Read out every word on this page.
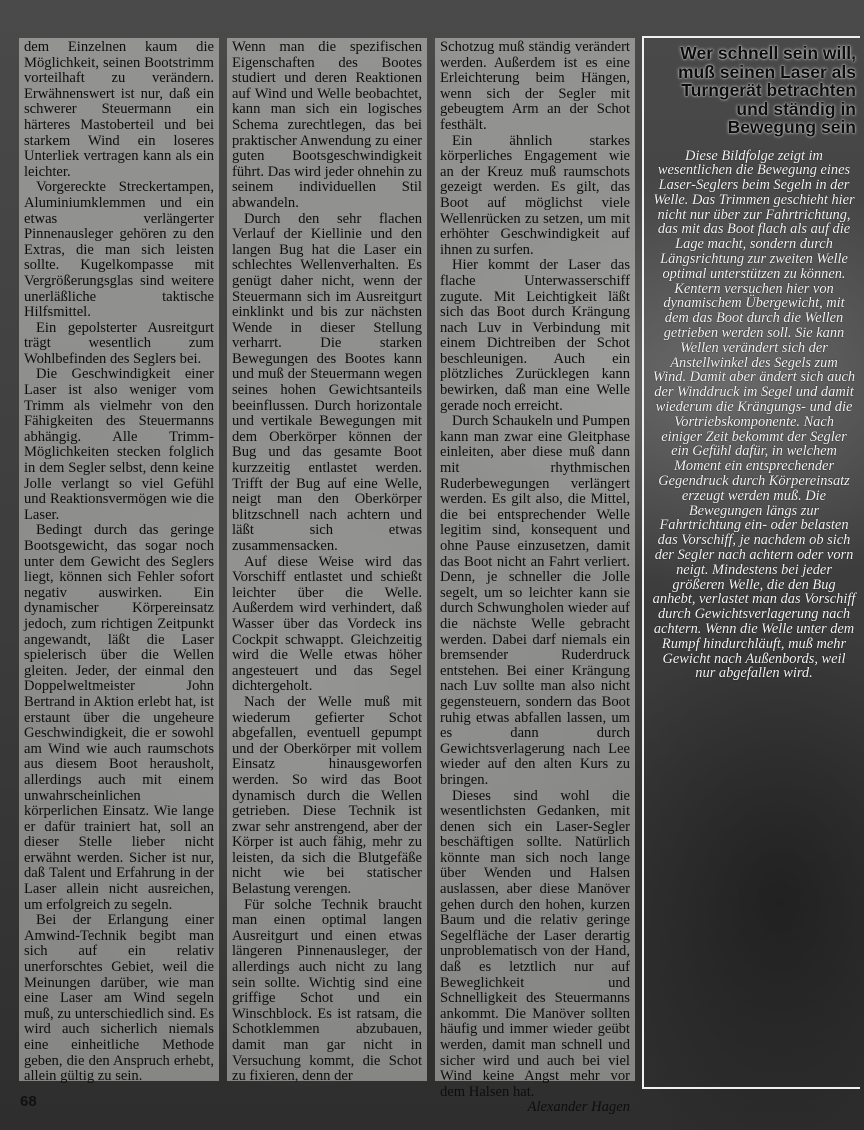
dem Einzelnen kaum die Möglichkeit, seinen Bootstrimm vorteilhaft zu verändern. Erwähnenswert ist nur, daß ein schwerer Steuermann ein härteres Mastoberteil und bei starkem Wind ein loseres Unterliek vertragen kann als ein leichter.

Vorgereckte Streckertampen, Aluminiumklemmen und ein etwas verlängerter Pinnenausleger gehören zu den Extras, die man sich leisten sollte. Kugelkompasse mit Vergrößerungsglas sind weitere unerläßliche taktische Hilfsmittel.

Ein gepolsterter Ausreitgurt trägt wesentlich zum Wohlbefinden des Seglers bei.

Die Geschwindigkeit einer Laser ist also weniger vom Trimm als vielmehr von den Fähigkeiten des Steuermanns abhängig. Alle Trimm-Möglichkeiten stecken folglich in dem Segler selbst, denn keine Jolle verlangt so viel Gefühl und Reaktionsvermögen wie die Laser.

Bedingt durch das geringe Bootsgewicht, das sogar noch unter dem Gewicht des Seglers liegt, können sich Fehler sofort negativ auswirken. Ein dynamischer Körpereinsatz jedoch, zum richtigen Zeitpunkt angewandt, läßt die Laser spielerisch über die Wellen gleiten. Jeder, der einmal den Doppelweltmeister John Bertrand in Aktion erlebt hat, ist erstaunt über die ungeheure Geschwindigkeit, die er sowohl am Wind wie auch raumschots aus diesem Boot herausholt, allerdings auch mit einem unwahrscheinlichen körperlichen Einsatz. Wie lange er dafür trainiert hat, soll an dieser Stelle lieber nicht erwähnt werden. Sicher ist nur, daß Talent und Erfahrung in der Laser allein nicht ausreichen, um erfolgreich zu segeln.

Bei der Erlangung einer Amwind-Technik begibt man sich auf ein relativ unerforschtes Gebiet, weil die Meinungen darüber, wie man eine Laser am Wind segeln muß, zu unterschiedlich sind. Es wird auch sicherlich niemals eine einheitliche Methode geben, die den Anspruch erhebt, allein gültig zu sein.

Wenn man die spezifischen Eigenschaften des Bootes studiert und deren Reaktionen auf Wind und Welle beobachtet, kann man sich ein logisches Schema zurechtlegen, das bei praktischer Anwendung zu einer guten Bootsgeschwindigkeit führt. Das wird jeder ohnehin zu seinem individuellen Stil abwandeln.

Durch den sehr flachen Verlauf der Kiellinie und den langen Bug hat die Laser ein schlechtes Wellenverhalten. Es genügt daher nicht, wenn der Steuermann sich im Ausreitgurt einklinkt und bis zur nächsten Wende in dieser Stellung verharrt. Die starken Bewegungen des Bootes kann und muß der Steuermann wegen seines hohen Gewichtsanteils beeinflussen. Durch horizontale und vertikale Bewegungen mit dem Oberkörper können der Bug und das gesamte Boot kurzzeitig entlastet werden. Trifft der Bug auf eine Welle, neigt man den Oberkörper blitzschnell nach achtern und läßt sich etwas zusammensacken.

Auf diese Weise wird das Vorschiff entlastet und schießt leichter über die Welle. Außerdem wird verhindert, daß Wasser über das Vordeck ins Cockpit schwappt. Gleichzeitig wird die Welle etwas höher angesteuert und das Segel dichtergeholt.

Nach der Welle muß mit wiederum gefierter Schot abgefallen, eventuell gepumpt und der Oberkörper mit vollem Einsatz hinausgeworfen werden. So wird das Boot dynamisch durch die Wellen getrieben. Diese Technik ist zwar sehr anstrengend, aber der Körper ist auch fähig, mehr zu leisten, da sich die Blutgefäße nicht wie bei statischer Belastung verengen.

Für solche Technik braucht man einen optimal langen Ausreitgurt und einen etwas längeren Pinnenausleger, der allerdings auch nicht zu lang sein sollte. Wichtig sind eine griffige Schot und ein Winschblock. Es ist ratsam, die Schotklemmen abzubauen, damit man gar nicht in Versuchung kommt, die Schot zu fixieren, denn der

Schotzug muß ständig verändert werden. Außerdem ist es eine Erleichterung beim Hängen, wenn sich der Segler mit gebeugtem Arm an der Schot festhält.

Ein ähnlich starkes körperliches Engagement wie an der Kreuz muß raumschots gezeigt werden. Es gilt, das Boot auf möglichst viele Wellenrücken zu setzen, um mit erhöhter Geschwindigkeit auf ihnen zu surfen.

Hier kommt der Laser das flache Unterwasserschiff zugute. Mit Leichtigkeit läßt sich das Boot durch Krängung nach Luv in Verbindung mit einem Dichtreiben der Schot beschleunigen. Auch ein plötzliches Zurücklegen kann bewirken, daß man eine Welle gerade noch erreicht.

Durch Schaukeln und Pumpen kann man zwar eine Gleitphase einleiten, aber diese muß dann mit rhythmischen Ruderbewegungen verlängert werden. Es gilt also, die Mittel, die bei entsprechender Welle legitim sind, konsequent und ohne Pause einzusetzen, damit das Boot nicht an Fahrt verliert. Denn, je schneller die Jolle segelt, um so leichter kann sie durch Schwungholen wieder auf die nächste Welle gebracht werden. Dabei darf niemals ein bremsender Ruderdruck entstehen. Bei einer Krängung nach Luv sollte man also nicht gegensteuern, sondern das Boot ruhig etwas abfallen lassen, um es dann durch Gewichtsverlagerung nach Lee wieder auf den alten Kurs zu bringen.

Dieses sind wohl die wesentlichsten Gedanken, mit denen sich ein Laser-Segler beschäftigen sollte. Natürlich könnte man sich noch lange über Wenden und Halsen auslassen, aber diese Manöver gehen durch den hohen, kurzen Baum und die relativ geringe Segelfläche der Laser derartig unproblematisch von der Hand, daß es letztlich nur auf Beweglichkeit und Schnelligkeit des Steuermanns ankommt. Die Manöver sollten häufig und immer wieder geübt werden, damit man schnell und sicher wird und auch bei viel Wind keine Angst mehr vor dem Halsen hat.

Alexander Hagen

Wer schnell sein will, muß seinen Laser als Turngerät betrachten und ständig in Bewegung sein

Diese Bildfolge zeigt im wesentlichen die Bewegung eines Laser-Seglers beim Segeln in der Welle. Das Trimmen geschieht hier nicht nur über zur Fahrtrichtung, das mit das Boot flach als auf die Lage macht, sondern durch Längsrichtung zur zweiten Welle optimal unterstützen zu können. Kentern versuchen hier von dynamischem Übergewicht, mit dem das Boot durch die Wellen getrieben werden soll. Sie kann Wellen verändert sich der Anstellwinkel des Segels zum Wind. Damit aber ändert sich auch der Winddruck im Segel und damit wiederum die Krängungs- und die Vortriebskomponente. Nach einiger Zeit bekommt der Segler ein Gefühl dafür, in welchem Moment ein entsprechender Gegendruck durch Körpereinsatz erzeugt werden muß. Die Bewegungen längs zur Fahrtrichtung ein- oder belasten das Vorschiff, je nachdem ob sich der Segler nach achtern oder vorn neigt. Mindestens bei jeder größeren Welle, die den Bug anhebt, verlastet man das Vorschiff durch Gewichtsverlagerung nach achtern. Wenn die Welle unter dem Rumpf hindurchläuft, muß mehr Gewicht nach Außenbords, weil nur abgefallen wird.

68
